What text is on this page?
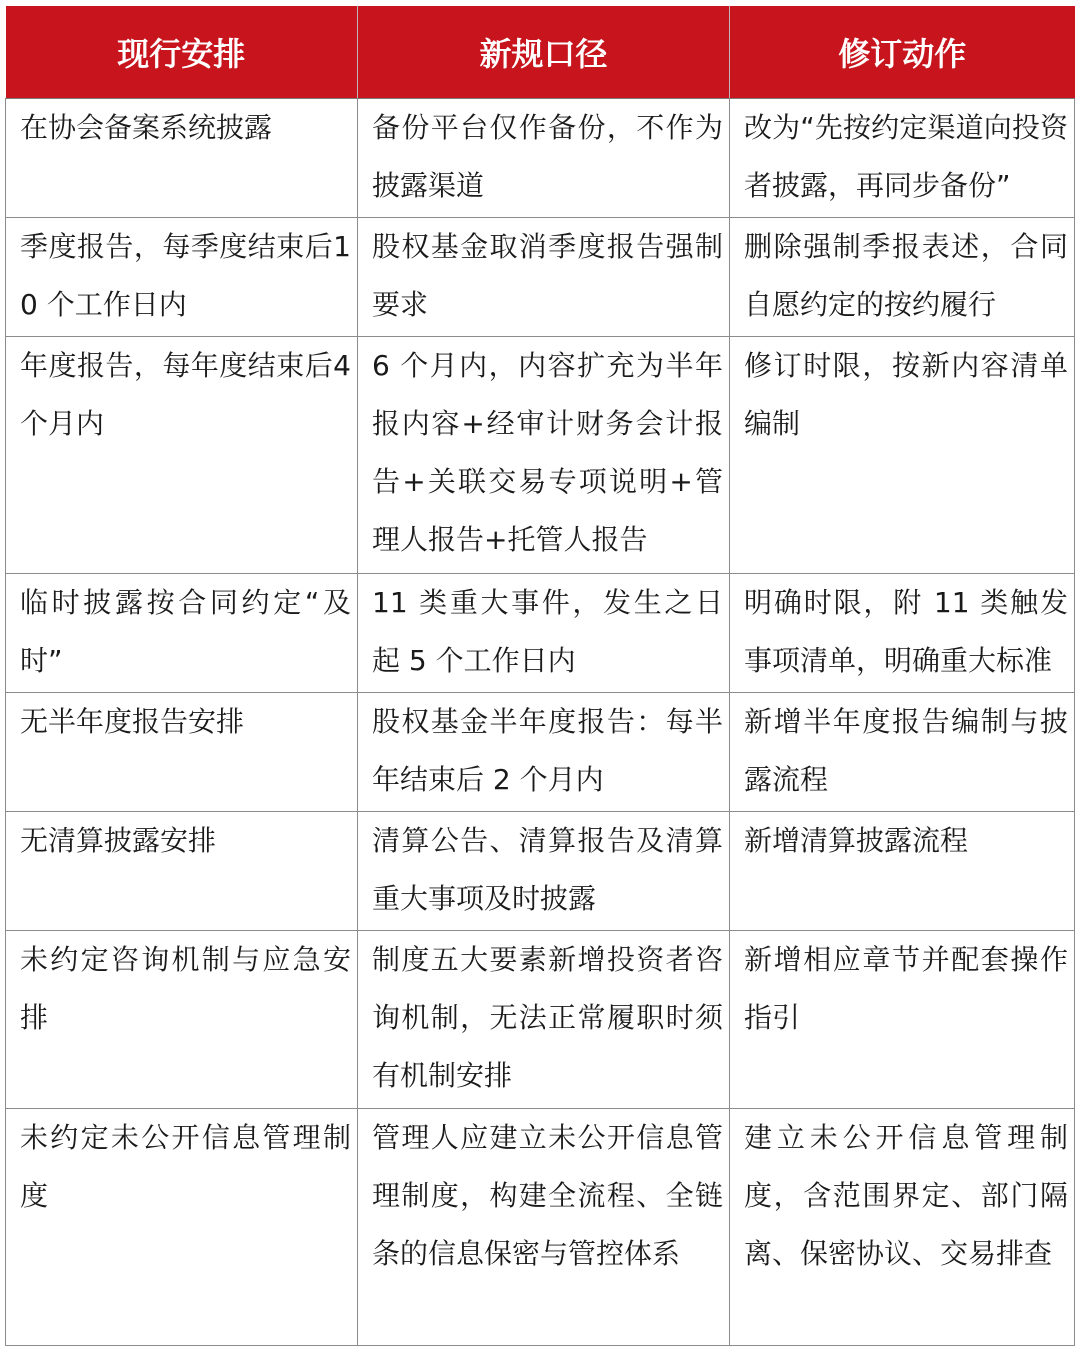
现行安排	新规口径	修订动作
在协会备案系统披露	备份平台仅作备份，不作为披露渠道	改为“先按约定渠道向投资者披露，再同步备份”
季度报告，每季度结束后10 个工作日内	股权基金取消季度报告强制要求	删除强制季报表述，合同自愿约定的按约履行
年度报告，每年度结束后4 个月内	6 个月内，内容扩充为半年报内容+经审计财务会计报告+关联交易专项说明+管理人报告+托管人报告	修订时限，按新内容清单编制
临时披露按合同约定“及时”	11 类重大事件，发生之日起 5 个工作日内	明确时限，附 11 类触发事项清单，明确重大标准
无半年度报告安排	股权基金半年度报告：每半年结束后 2 个月内	新增半年度报告编制与披露流程
无清算披露安排	清算公告、清算报告及清算重大事项及时披露	新增清算披露流程
未约定咨询机制与应急安排	制度五大要素新增投资者咨询机制，无法正常履职时须有机制安排	新增相应章节并配套操作指引
未约定未公开信息管理制度	管理人应建立未公开信息管理制度，构建全流程、全链条的信息保密与管控体系	建立未公开信息管理制度，含范围界定、部门隔离、保密协议、交易排查
